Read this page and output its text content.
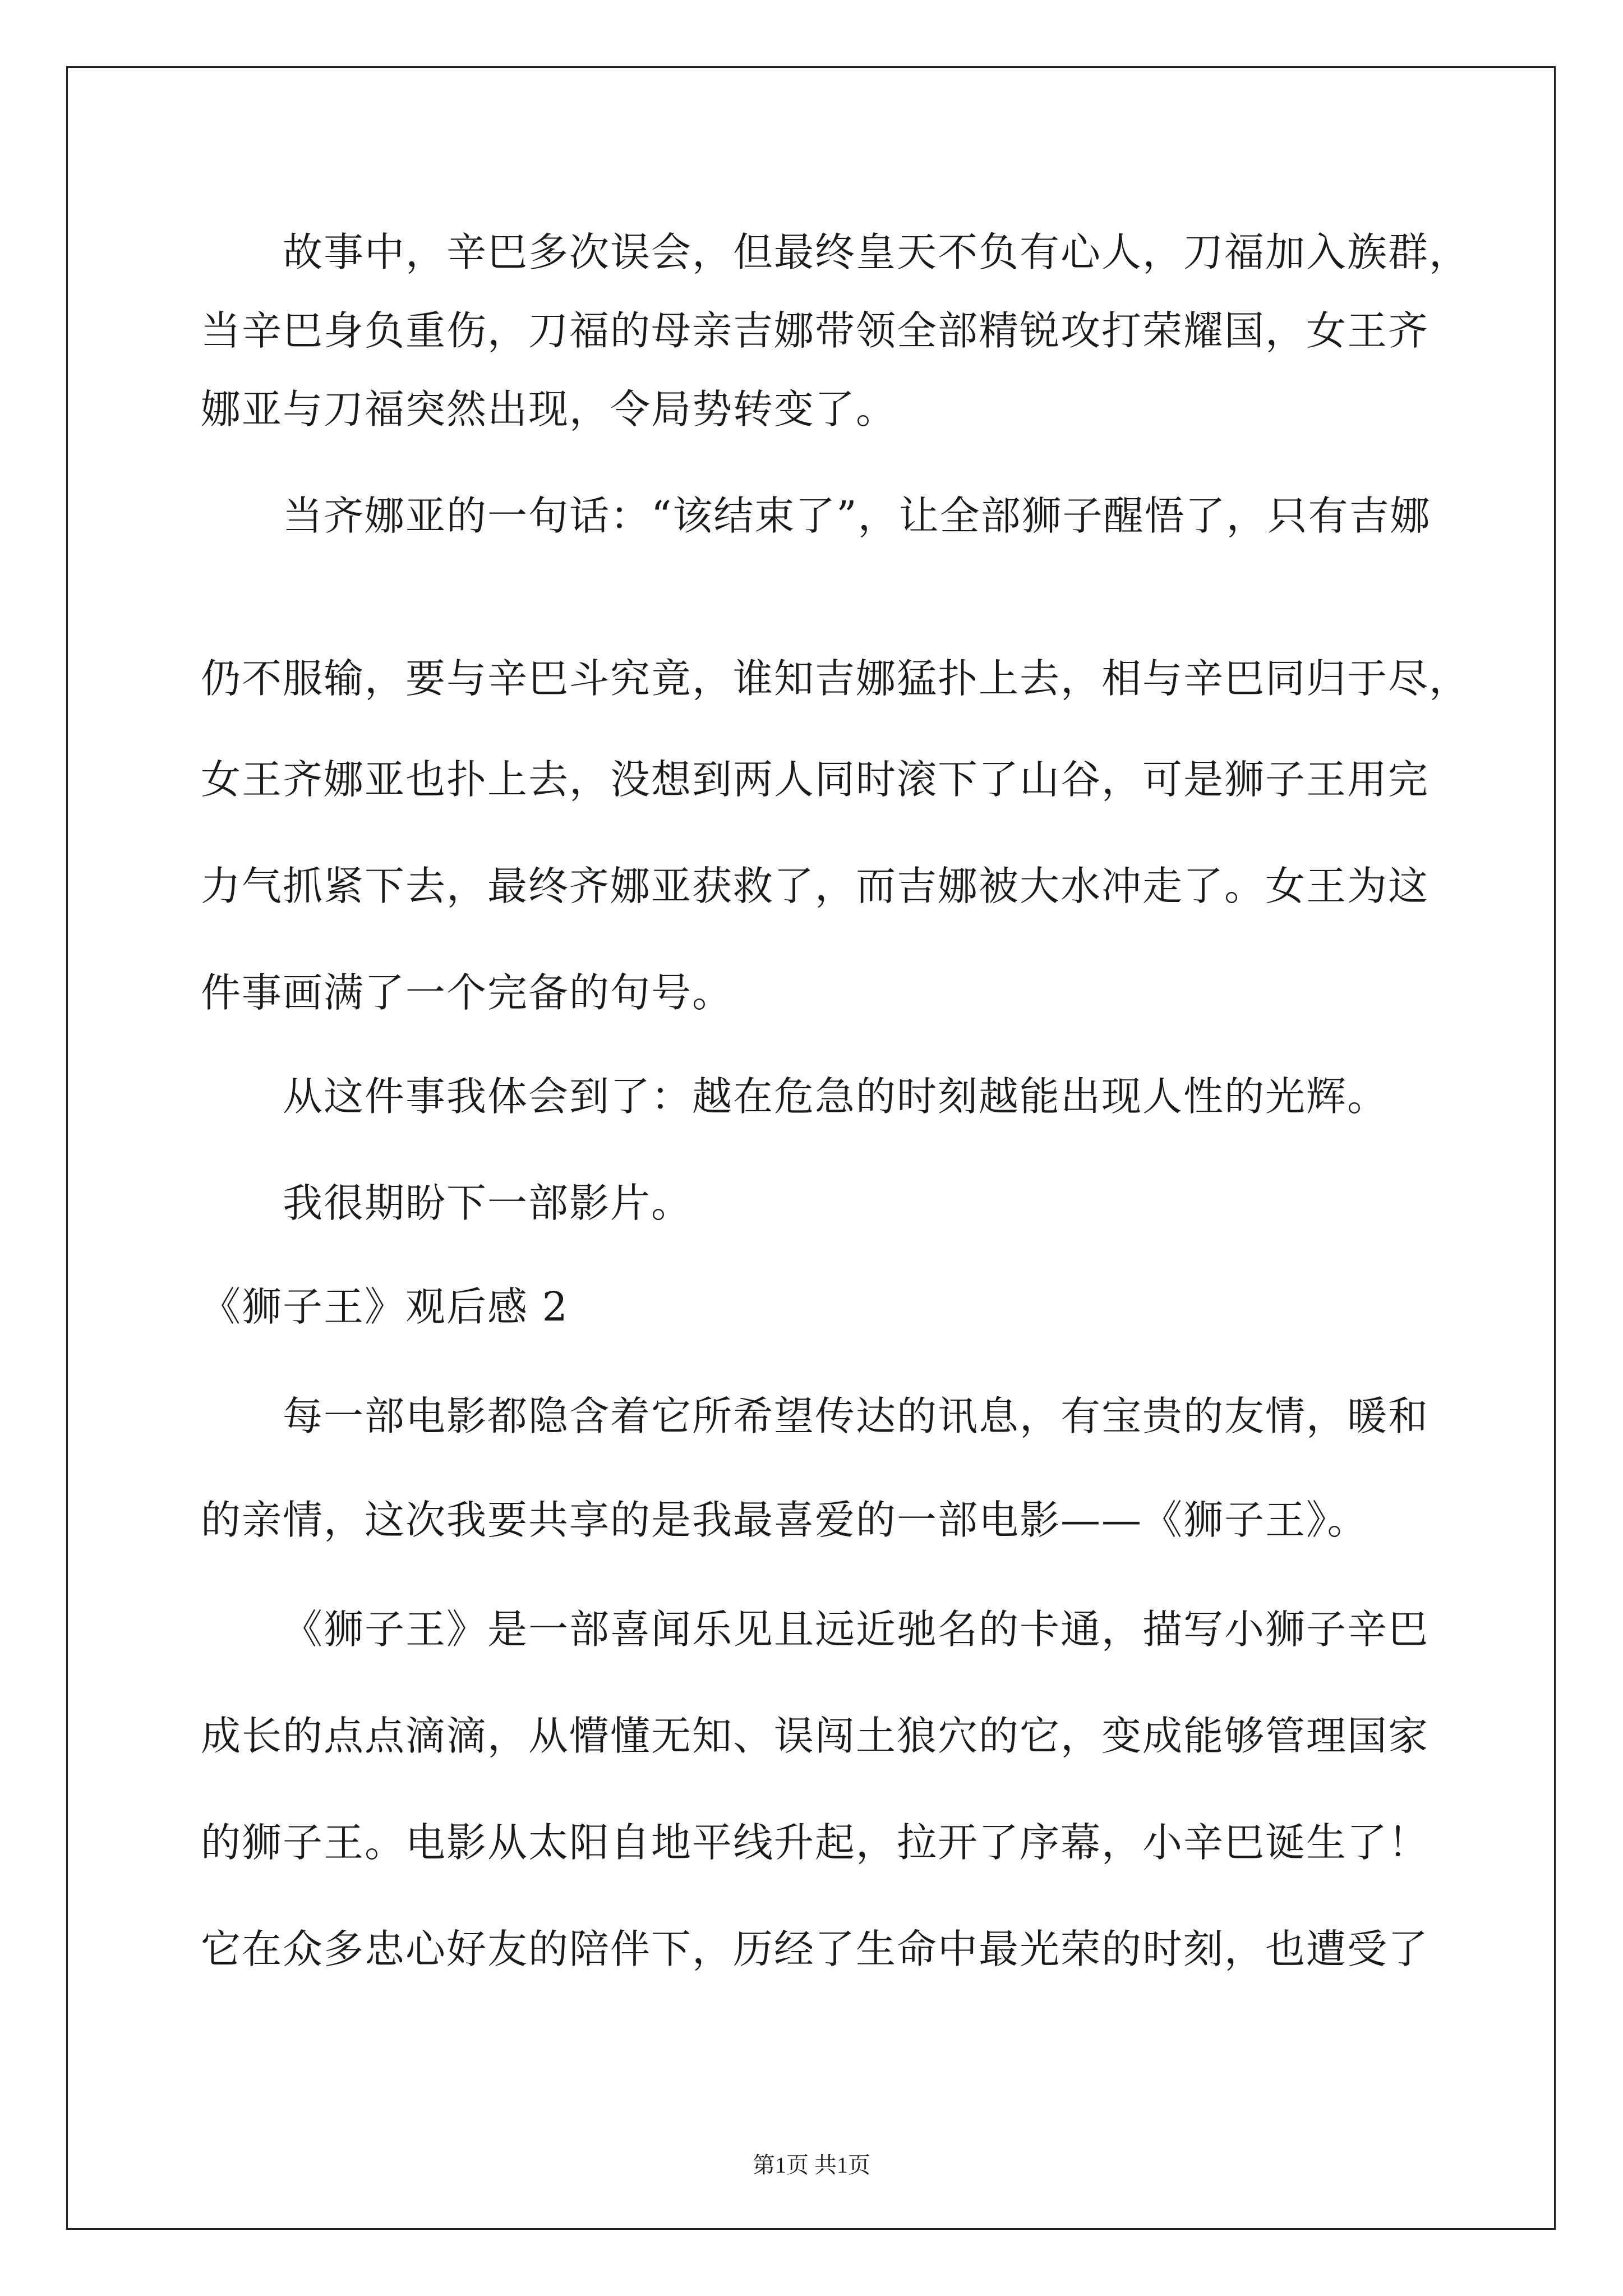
故事中，辛巴多次误会，但最终皇天不负有心人，刀福加入族群，
当辛巴身负重伤，刀福的母亲吉娜带领全部精锐攻打荣耀国，女王齐
娜亚与刀福突然出现，令局势转变了。
当齐娜亚的一句话：“该结束了”，让全部狮子醒悟了，只有吉娜
仍不服输，要与辛巴斗究竟，谁知吉娜猛扑上去，相与辛巴同归于尽，
女王齐娜亚也扑上去，没想到两人同时滚下了山谷，可是狮子王用完
力气抓紧下去，最终齐娜亚获救了，而吉娜被大水冲走了。女王为这
件事画满了一个完备的句号。
从这件事我体会到了：越在危急的时刻越能出现人性的光辉。
我很期盼下一部影片。
《狮子王》观后感 2
每一部电影都隐含着它所希望传达的讯息，有宝贵的友情，暖和
的亲情，这次我要共享的是我最喜爱的一部电影——《狮子王》。
《狮子王》是一部喜闻乐见且远近驰名的卡通，描写小狮子辛巴
成长的点点滴滴，从懵懂无知、误闯土狼穴的它，变成能够管理国家
的狮子王。电影从太阳自地平线升起，拉开了序幕，小辛巴诞生了！
它在众多忠心好友的陪伴下，历经了生命中最光荣的时刻，也遭受了
第1页 共1页
